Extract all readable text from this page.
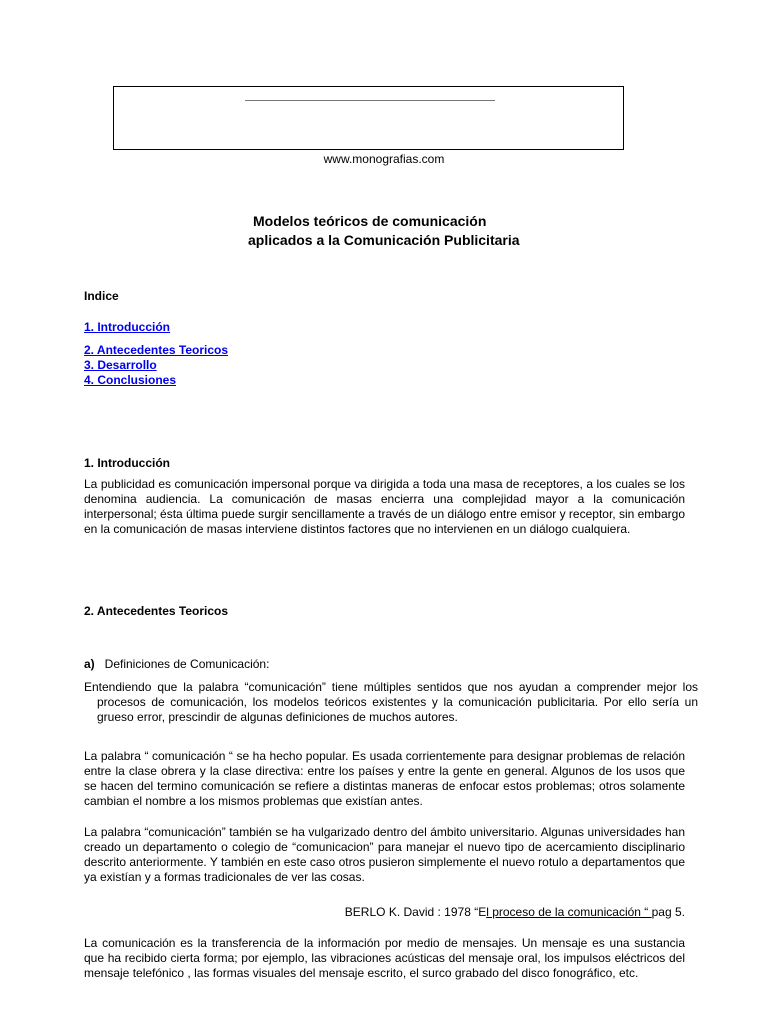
www.monografias.com
Modelos teóricos de comunicación
aplicados a la Comunicación Publicitaria
Indice
1. Introducción
2. Antecedentes Teoricos
3. Desarrollo
4. Conclusiones
1. Introducción

La publicidad es comunicación impersonal porque va dirigida a toda una masa de receptores, a los cuales se los denomina audiencia. La comunicación de masas encierra una complejidad mayor a la comunicación interpersonal; ésta última puede surgir sencillamente a través de un diálogo entre emisor y receptor, sin embargo en la comunicación de masas interviene distintos factores que no intervienen en un diálogo cualquiera.

2. Antecedentes Teoricos
a) Definiciones de Comunicación:

Entendiendo que la palabra “comunicación” tiene múltiples sentidos que nos ayudan a comprender mejor los procesos de comunicación, los modelos teóricos existentes y la comunicación publicitaria. Por ello sería un grueso error, prescindir de algunas definiciones de muchos autores.

La palabra “ comunicación “ se ha hecho popular. Es usada corrientemente para designar problemas de relación entre la clase obrera y la clase directiva: entre los países y entre la gente en general. Algunos de los usos que se hacen del termino comunicación se refiere a distintas maneras de enfocar estos problemas; otros solamente cambian el nombre a los mismos problemas que existían antes.

La palabra “comunicación” también se ha vulgarizado dentro del ámbito universitario. Algunas universidades han creado un departamento o colegio de “comunicacion” para manejar el nuevo tipo de acercamiento disciplinario descrito anteriormente. Y también en este caso otros pusieron simplemente el nuevo rotulo a departamentos que ya existían y a formas tradicionales de ver las cosas.

BERLO K. David : 1978 “El proceso de la comunicación “ pag 5.

La comunicación es la transferencia de la información por medio de mensajes. Un mensaje es una sustancia que ha recibido cierta forma; por ejemplo, las vibraciones acústicas del mensaje oral, los impulsos eléctricos del mensaje telefónico , las formas visuales del mensaje escrito, el surco grabado del disco fonográfico, etc.
